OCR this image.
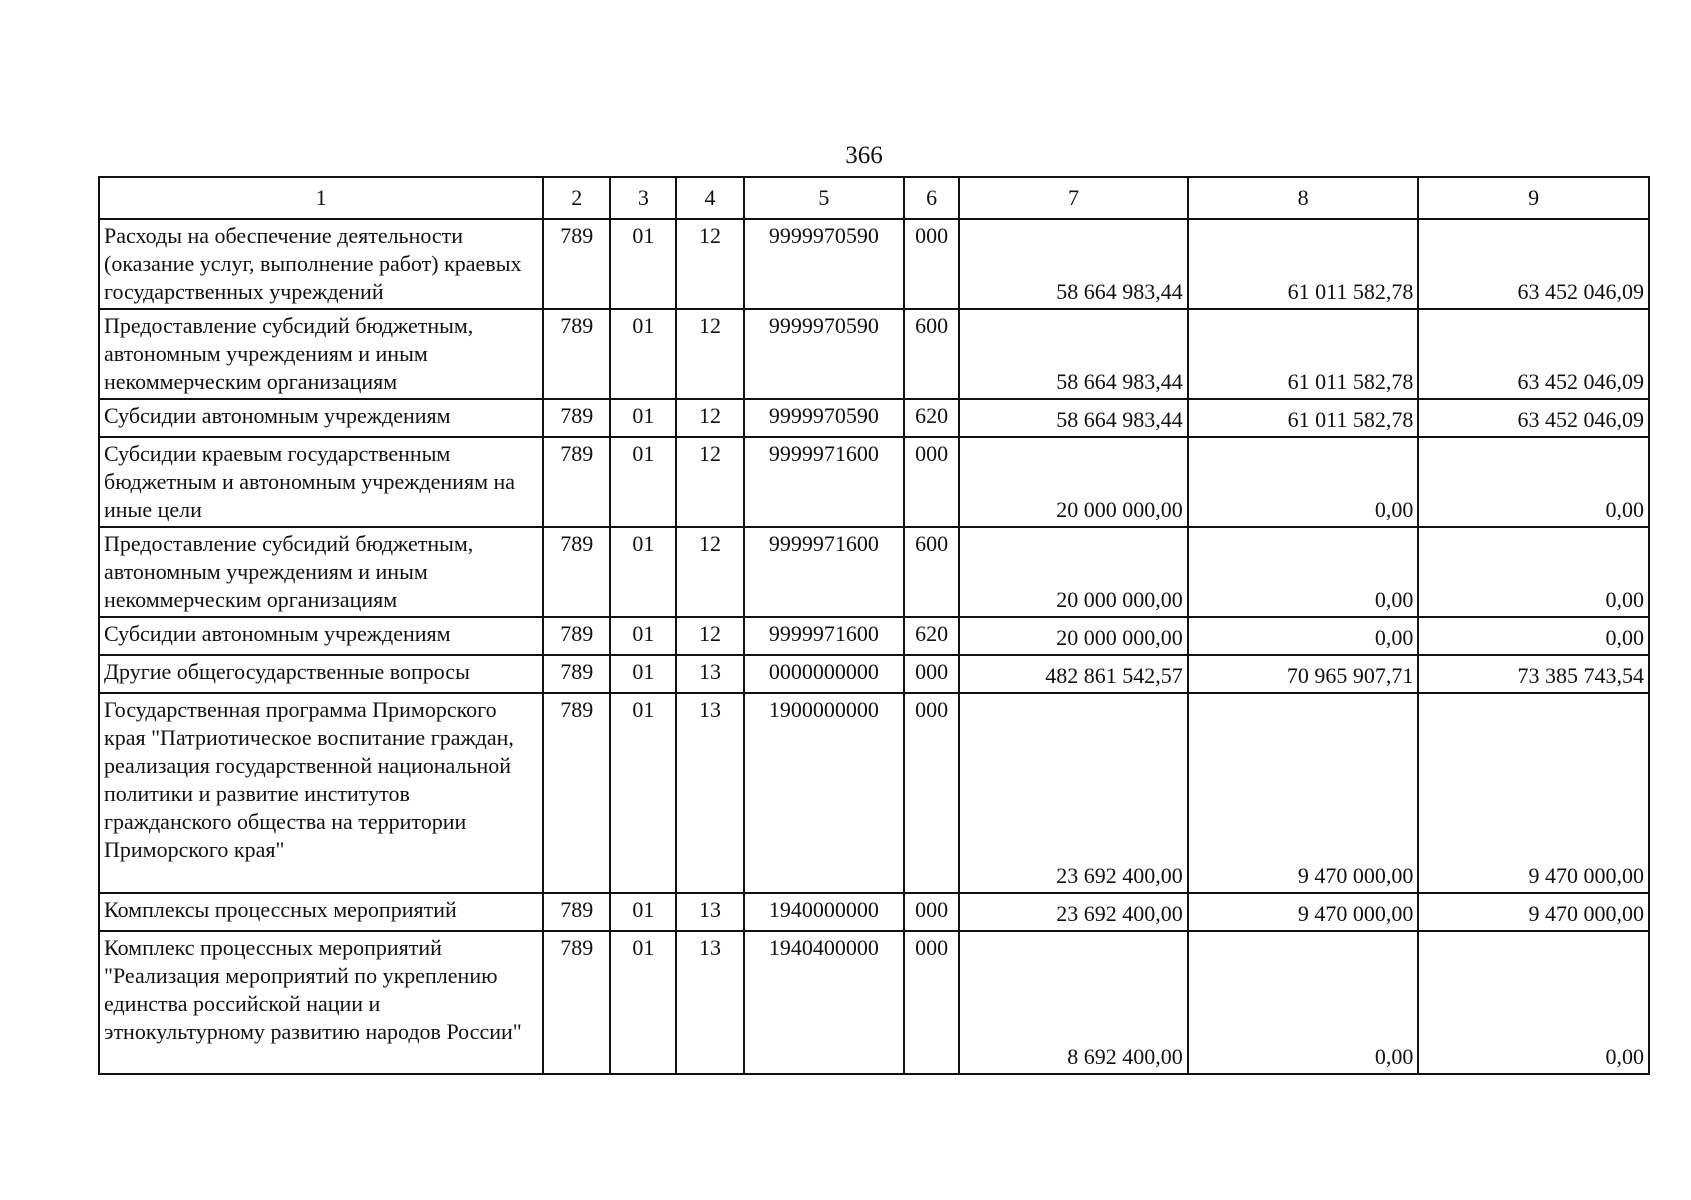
366
1	2	3	4	5	6	7	8	9
Расходы на обеспечение деятельности (оказание услуг, выполнение работ) краевых государственных учреждений	789	01	12	9999970590	000	58 664 983,44	61 011 582,78	63 452 046,09
Предоставление субсидий бюджетным, автономным учреждениям и иным некоммерческим организациям	789	01	12	9999970590	600	58 664 983,44	61 011 582,78	63 452 046,09
Субсидии автономным учреждениям	789	01	12	9999970590	620	58 664 983,44	61 011 582,78	63 452 046,09
Субсидии краевым государственным бюджетным и автономным учреждениям на иные цели	789	01	12	9999971600	000	20 000 000,00	0,00	0,00
Предоставление субсидий бюджетным, автономным учреждениям и иным некоммерческим организациям	789	01	12	9999971600	600	20 000 000,00	0,00	0,00
Субсидии автономным учреждениям	789	01	12	9999971600	620	20 000 000,00	0,00	0,00
Другие общегосударственные вопросы	789	01	13	0000000000	000	482 861 542,57	70 965 907,71	73 385 743,54
Государственная программа Приморского края "Патриотическое воспитание граждан, реализация государственной национальной политики и развитие институтов гражданского общества на территории Приморского края"	789	01	13	1900000000	000	23 692 400,00	9 470 000,00	9 470 000,00
Комплексы процессных мероприятий	789	01	13	1940000000	000	23 692 400,00	9 470 000,00	9 470 000,00
Комплекс процессных мероприятий "Реализация мероприятий по укреплению единства российской нации и этнокультурному развитию народов России"	789	01	13	1940400000	000	8 692 400,00	0,00	0,00
